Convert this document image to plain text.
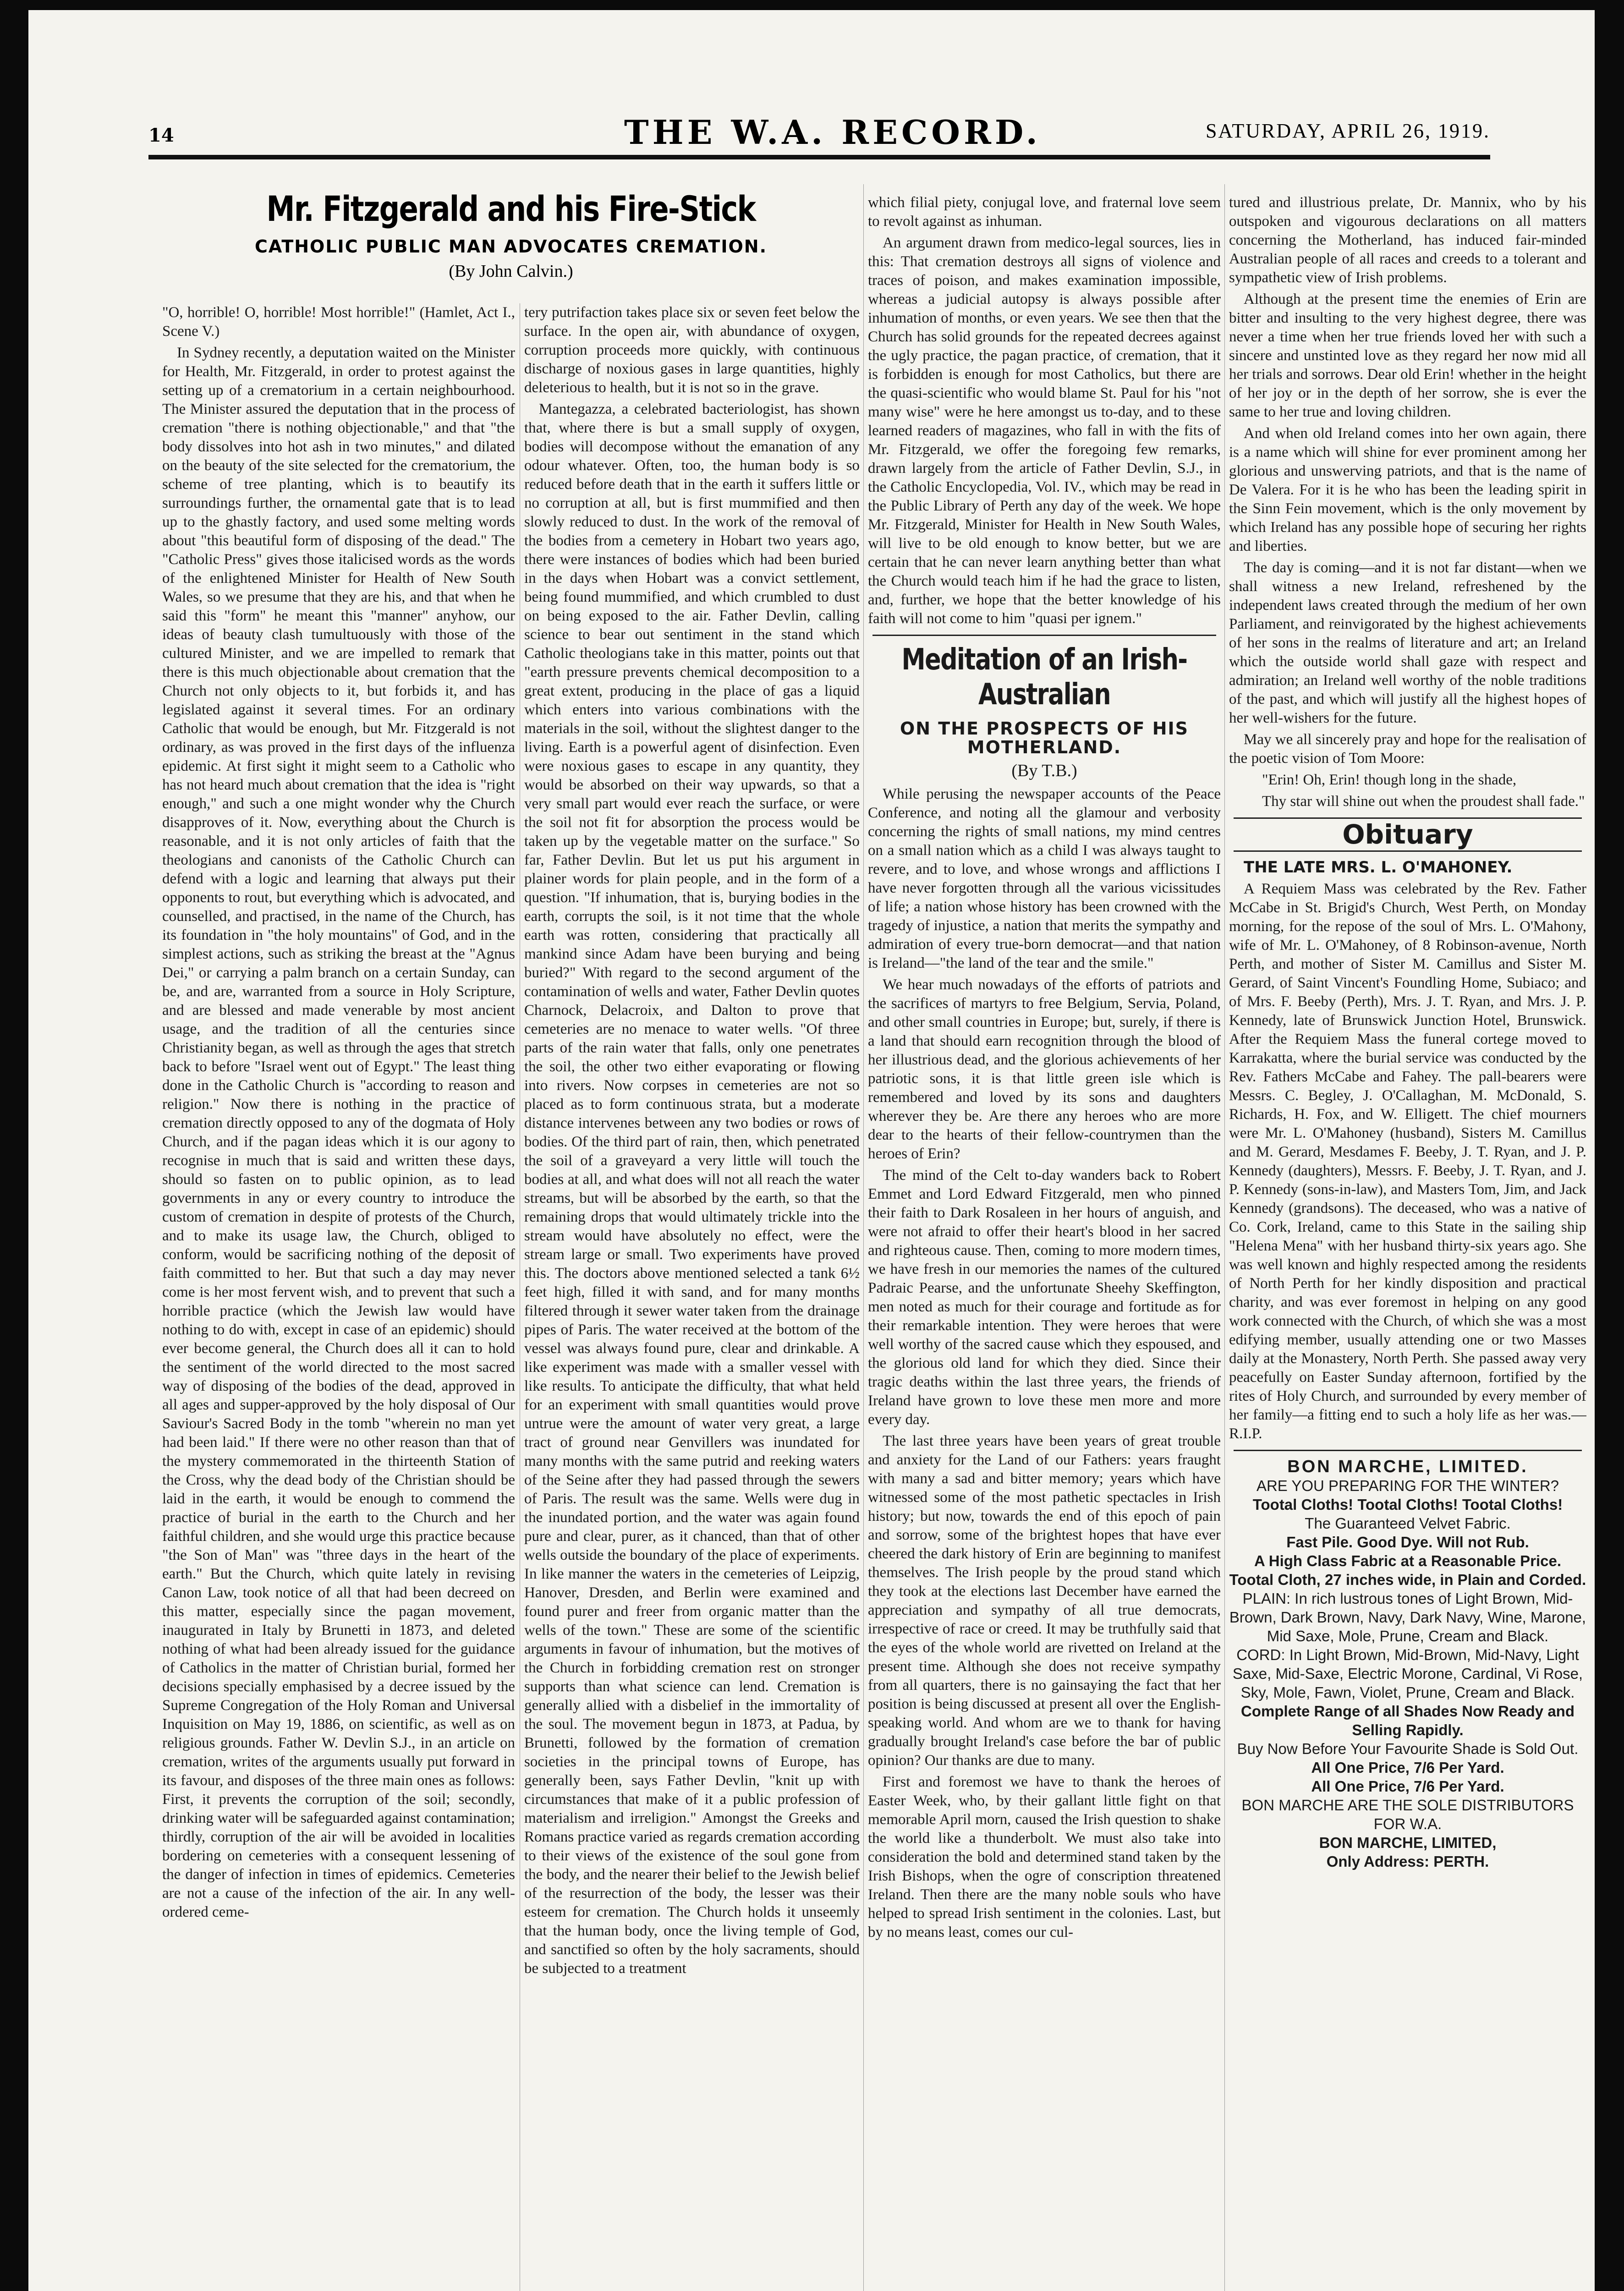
14	THE W.A. RECORD.	SATURDAY, APRIL 26, 1919.
Mr. Fitzgerald and his Fire-Stick
CATHOLIC PUBLIC MAN ADVOCATES CREMATION.
(By John Calvin.)

"O, horrible! O, horrible! Most horrible!" (Hamlet, Act I., Scene V.)

In Sydney recently, a deputation waited on the Minister for Health, Mr. Fitzgerald, in order to protest against the setting up of a crematorium in a certain neighbourhood. The Minister assured the deputation that in the process of cremation "there is nothing objectionable," and that "the body dissolves into hot ash in two minutes," and dilated on the beauty of the site selected for the crematorium, the scheme of tree planting, which is to beautify its surroundings further, the ornamental gate that is to lead up to the ghastly factory, and used some melting words about "this beautiful form of disposing of the dead." The "Catholic Press" gives those italicised words as the words of the enlightened Minister for Health of New South Wales, so we presume that they are his, and that when he said this "form" he meant this "manner" anyhow, our ideas of beauty clash tumultuously with those of the cultured Minister, and we are impelled to remark that there is this much objectionable about cremation that the Church not only objects to it, but forbids it, and has legislated against it several times. For an ordinary Catholic that would be enough, but Mr. Fitzgerald is not ordinary, as was proved in the first days of the influenza epidemic. At first sight it might seem to a Catholic who has not heard much about cremation that the idea is "right enough," and such a one might wonder why the Church disapproves of it. Now, everything about the Church is reasonable, and it is not only articles of faith that the theologians and canonists of the Catholic Church can defend with a logic and learning that always put their opponents to rout, but everything which is advocated, and counselled, and practised, in the name of the Church, has its foundation in "the holy mountains" of God, and in the simplest actions, such as striking the breast at the "Agnus Dei," or carrying a palm branch on a certain Sunday, can be, and are, warranted from a source in Holy Scripture, and are blessed and made venerable by most ancient usage, and the tradition of all the centuries since Christianity began, as well as through the ages that stretch back to before "Israel went out of Egypt." The least thing done in the Catholic Church is "according to reason and religion." Now there is nothing in the practice of cremation directly opposed to any of the dogmata of Holy Church, and if the pagan ideas which it is our agony to recognise in much that is said and written these days, should so fasten on to public opinion, as to lead governments in any or every country to introduce the custom of cremation in despite of protests of the Church, and to make its usage law, the Church, obliged to conform, would be sacrificing nothing of the deposit of faith committed to her. But that such a day may never come is her most fervent wish, and to prevent that such a horrible practice (which the Jewish law would have nothing to do with, except in case of an epidemic) should ever become general, the Church does all it can to hold the sentiment of the world directed to the most sacred way of disposing of the bodies of the dead, approved in all ages and supper-approved by the holy disposal of Our Saviour's Sacred Body in the tomb "wherein no man yet had been laid." If there were no other reason than that of the mystery commemorated in the thirteenth Station of the Cross, why the dead body of the Christian should be laid in the earth, it would be enough to commend the practice of burial in the earth to the Church and her faithful children, and she would urge this practice because "the Son of Man" was "three days in the heart of the earth." But the Church, which quite lately in revising Canon Law, took notice of all that had been decreed on this matter, especially since the pagan movement, inaugurated in Italy by Brunetti in 1873, and deleted nothing of what had been already issued for the guidance of Catholics in the matter of Christian burial, formed her decisions specially emphasised by a decree issued by the Supreme Congregation of the Holy Roman and Universal Inquisition on May 19, 1886, on scientific, as well as on religious grounds. Father W. Devlin S.J., in an article on cremation, writes of the arguments usually put forward in its favour, and disposes of the three main ones as follows: First, it prevents the corruption of the soil; secondly, drinking water will be safeguarded against contamination; thirdly, corruption of the air will be avoided in localities bordering on cemeteries with a consequent lessening of the danger of infection in times of epidemics. Cemeteries are not a cause of the infection of the air. In any well-ordered ceme-

tery putrifaction takes place six or seven feet below the surface. In the open air, with abundance of oxygen, corruption proceeds more quickly, with continuous discharge of noxious gases in large quantities, highly deleterious to health, but it is not so in the grave.

Mantegazza, a celebrated bacteriologist, has shown that, where there is but a small supply of oxygen, bodies will decompose without the emanation of any odour whatever. Often, too, the human body is so reduced before death that in the earth it suffers little or no corruption at all, but is first mummified and then slowly reduced to dust. In the work of the removal of the bodies from a cemetery in Hobart two years ago, there were instances of bodies which had been buried in the days when Hobart was a convict settlement, being found mummified, and which crumbled to dust on being exposed to the air. Father Devlin, calling science to bear out sentiment in the stand which Catholic theologians take in this matter, points out that "earth pressure prevents chemical decomposition to a great extent, producing in the place of gas a liquid which enters into various combinations with the materials in the soil, without the slightest danger to the living. Earth is a powerful agent of disinfection. Even were noxious gases to escape in any quantity, they would be absorbed on their way upwards, so that a very small part would ever reach the surface, or were the soil not fit for absorption the process would be taken up by the vegetable matter on the surface." So far, Father Devlin. But let us put his argument in plainer words for plain people, and in the form of a question. "If inhumation, that is, burying bodies in the earth, corrupts the soil, is it not time that the whole earth was rotten, considering that practically all mankind since Adam have been burying and being buried?" With regard to the second argument of the contamination of wells and water, Father Devlin quotes Charnock, Delacroix, and Dalton to prove that cemeteries are no menace to water wells. "Of three parts of the rain water that falls, only one penetrates the soil, the other two either evaporating or flowing into rivers. Now corpses in cemeteries are not so placed as to form continuous strata, but a moderate distance intervenes between any two bodies or rows of bodies. Of the third part of rain, then, which penetrated the soil of a graveyard a very little will touch the bodies at all, and what does will not all reach the water streams, but will be absorbed by the earth, so that the remaining drops that would ultimately trickle into the stream would have absolutely no effect, were the stream large or small. Two experiments have proved this. The doctors above mentioned selected a tank 6½ feet high, filled it with sand, and for many months filtered through it sewer water taken from the drainage pipes of Paris. The water received at the bottom of the vessel was always found pure, clear and drinkable. A like experiment was made with a smaller vessel with like results. To anticipate the difficulty, that what held for an experiment with small quantities would prove untrue were the amount of water very great, a large tract of ground near Genvillers was inundated for many months with the same putrid and reeking waters of the Seine after they had passed through the sewers of Paris. The result was the same. Wells were dug in the inundated portion, and the water was again found pure and clear, purer, as it chanced, than that of other wells outside the boundary of the place of experiments. In like manner the waters in the cemeteries of Leipzig, Hanover, Dresden, and Berlin were examined and found purer and freer from organic matter than the wells of the town." These are some of the scientific arguments in favour of inhumation, but the motives of the Church in forbidding cremation rest on stronger supports than what science can lend. Cremation is generally allied with a disbelief in the immortality of the soul. The movement begun in 1873, at Padua, by Brunetti, followed by the formation of cremation societies in the principal towns of Europe, has generally been, says Father Devlin, "knit up with circumstances that make of it a public profession of materialism and irreligion." Amongst the Greeks and Romans practice varied as regards cremation according to their views of the existence of the soul gone from the body, and the nearer their belief to the Jewish belief of the resurrection of the body, the lesser was their esteem for cremation. The Church holds it unseemly that the human body, once the living temple of God, and sanctified so often by the holy sacraments, should be subjected to a treatment

which filial piety, conjugal love, and fraternal love seem to revolt against as inhuman.

An argument drawn from medico-legal sources, lies in this: That cremation destroys all signs of violence and traces of poison, and makes examination impossible, whereas a judicial autopsy is always possible after inhumation of months, or even years. We see then that the Church has solid grounds for the repeated decrees against the ugly practice, the pagan practice, of cremation, that it is forbidden is enough for most Catholics, but there are the quasi-scientific who would blame St. Paul for his "not many wise" were he here amongst us to-day, and to these learned readers of magazines, who fall in with the fits of Mr. Fitzgerald, we offer the foregoing few remarks, drawn largely from the article of Father Devlin, S.J., in the Catholic Encyclopedia, Vol. IV., which may be read in the Public Library of Perth any day of the week. We hope Mr. Fitzgerald, Minister for Health in New South Wales, will live to be old enough to know better, but we are certain that he can never learn anything better than what the Church would teach him if he had the grace to listen, and, further, we hope that the better knowledge of his faith will not come to him "quasi per ignem."

Meditation of an Irish-Australian
ON THE PROSPECTS OF HIS MOTHERLAND.
(By T.B.)

While perusing the newspaper accounts of the Peace Conference, and noting all the glamour and verbosity concerning the rights of small nations, my mind centres on a small nation which as a child I was always taught to revere, and to love, and whose wrongs and afflictions I have never forgotten through all the various vicissitudes of life; a nation whose history has been crowned with the tragedy of injustice, a nation that merits the sympathy and admiration of every true-born democrat—and that nation is Ireland—"the land of the tear and the smile."

We hear much nowadays of the efforts of patriots and the sacrifices of martyrs to free Belgium, Servia, Poland, and other small countries in Europe; but, surely, if there is a land that should earn recognition through the blood of her illustrious dead, and the glorious achievements of her patriotic sons, it is that little green isle which is remembered and loved by its sons and daughters wherever they be. Are there any heroes who are more dear to the hearts of their fellow-countrymen than the heroes of Erin?

The mind of the Celt to-day wanders back to Robert Emmet and Lord Edward Fitzgerald, men who pinned their faith to Dark Rosaleen in her hours of anguish, and were not afraid to offer their heart's blood in her sacred and righteous cause. Then, coming to more modern times, we have fresh in our memories the names of the cultured Padraic Pearse, and the unfortunate Sheehy Skeffington, men noted as much for their courage and fortitude as for their remarkable intention. They were heroes that were well worthy of the sacred cause which they espoused, and the glorious old land for which they died. Since their tragic deaths within the last three years, the friends of Ireland have grown to love these men more and more every day.

The last three years have been years of great trouble and anxiety for the Land of our Fathers: years fraught with many a sad and bitter memory; years which have witnessed some of the most pathetic spectacles in Irish history; but now, towards the end of this epoch of pain and sorrow, some of the brightest hopes that have ever cheered the dark history of Erin are beginning to manifest themselves. The Irish people by the proud stand which they took at the elections last December have earned the appreciation and sympathy of all true democrats, irrespective of race or creed. It may be truthfully said that the eyes of the whole world are rivetted on Ireland at the present time. Although she does not receive sympathy from all quarters, there is no gainsaying the fact that her position is being discussed at present all over the English-speaking world. And whom are we to thank for having gradually brought Ireland's case before the bar of public opinion? Our thanks are due to many.

First and foremost we have to thank the heroes of Easter Week, who, by their gallant little fight on that memorable April morn, caused the Irish question to shake the world like a thunderbolt. We must also take into consideration the bold and determined stand taken by the Irish Bishops, when the ogre of conscription threatened Ireland. Then there are the many noble souls who have helped to spread Irish sentiment in the colonies. Last, but by no means least, comes our cul-

tured and illustrious prelate, Dr. Mannix, who by his outspoken and vigourous declarations on all matters concerning the Motherland, has induced fair-minded Australian people of all races and creeds to a tolerant and sympathetic view of Irish problems.

Although at the present time the enemies of Erin are bitter and insulting to the very highest degree, there was never a time when her true friends loved her with such a sincere and unstinted love as they regard her now mid all her trials and sorrows. Dear old Erin! whether in the height of her joy or in the depth of her sorrow, she is ever the same to her true and loving children.

And when old Ireland comes into her own again, there is a name which will shine for ever prominent among her glorious and unswerving patriots, and that is the name of De Valera. For it is he who has been the leading spirit in the Sinn Fein movement, which is the only movement by which Ireland has any possible hope of securing her rights and liberties.

The day is coming—and it is not far distant—when we shall witness a new Ireland, refreshened by the independent laws created through the medium of her own Parliament, and reinvigorated by the highest achievements of her sons in the realms of literature and art; an Ireland which the outside world shall gaze with respect and admiration; an Ireland well worthy of the noble traditions of the past, and which will justify all the highest hopes of her well-wishers for the future.

May we all sincerely pray and hope for the realisation of the poetic vision of Tom Moore:

"Erin! Oh, Erin! though long in the shade,

Thy star will shine out when the proudest shall fade."

Obituary

THE LATE MRS. L. O'MAHONEY.

A Requiem Mass was celebrated by the Rev. Father McCabe in St. Brigid's Church, West Perth, on Monday morning, for the repose of the soul of Mrs. L. O'Mahony, wife of Mr. L. O'Mahoney, of 8 Robinson-avenue, North Perth, and mother of Sister M. Camillus and Sister M. Gerard, of Saint Vincent's Foundling Home, Subiaco; and of Mrs. F. Beeby (Perth), Mrs. J. T. Ryan, and Mrs. J. P. Kennedy, late of Brunswick Junction Hotel, Brunswick. After the Requiem Mass the funeral cortege moved to Karrakatta, where the burial service was conducted by the Rev. Fathers McCabe and Fahey. The pall-bearers were Messrs. C. Begley, J. O'Callaghan, M. McDonald, S. Richards, H. Fox, and W. Elligett. The chief mourners were Mr. L. O'Mahoney (husband), Sisters M. Camillus and M. Gerard, Mesdames F. Beeby, J. T. Ryan, and J. P. Kennedy (daughters), Messrs. F. Beeby, J. T. Ryan, and J. P. Kennedy (sons-in-law), and Masters Tom, Jim, and Jack Kennedy (grandsons). The deceased, who was a native of Co. Cork, Ireland, came to this State in the sailing ship "Helena Mena" with her husband thirty-six years ago. She was well known and highly respected among the residents of North Perth for her kindly disposition and practical charity, and was ever foremost in helping on any good work connected with the Church, of which she was a most edifying member, usually attending one or two Masses daily at the Monastery, North Perth. She passed away very peacefully on Easter Sunday afternoon, fortified by the rites of Holy Church, and surrounded by every member of her family—a fitting end to such a holy life as her was.—R.I.P.

BON MARCHE, LIMITED.
ARE YOU PREPARING FOR THE WINTER?
Tootal Cloths! Tootal Cloths! Tootal Cloths!
The Guaranteed Velvet Fabric.
Fast Pile. Good Dye. Will not Rub.
A High Class Fabric at a Reasonable Price.
Tootal Cloth, 27 inches wide, in Plain and Corded.
PLAIN: In rich lustrous tones of Light Brown, Mid-Brown, Dark Brown, Navy, Dark Navy, Wine, Marone, Mid Saxe, Mole, Prune, Cream and Black.
CORD: In Light Brown, Mid-Brown, Mid-Navy, Light Saxe, Mid-Saxe, Electric Morone, Cardinal, Vi Rose, Sky, Mole, Fawn, Violet, Prune, Cream and Black.
Complete Range of all Shades Now Ready and Selling Rapidly.
Buy Now Before Your Favourite Shade is Sold Out.
All One Price, 7/6 Per Yard.
All One Price, 7/6 Per Yard.
BON MARCHE ARE THE SOLE DISTRIBUTORS FOR W.A.
BON MARCHE, LIMITED,
Only Address: PERTH.
